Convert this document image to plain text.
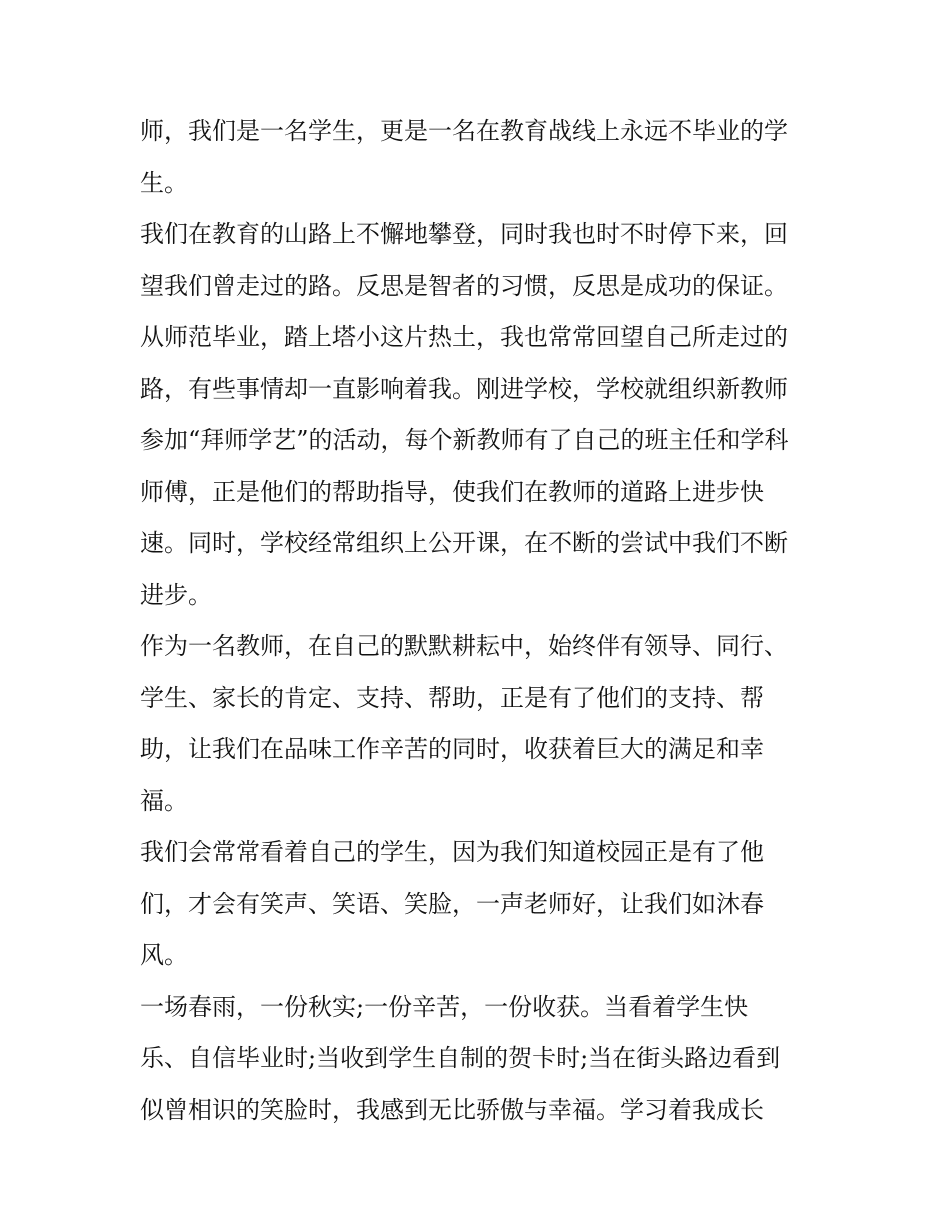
师，我们是一名学生，更是一名在教育战线上永远不毕业的学
生。
我们在教育的山路上不懈地攀登，同时我也时不时停下来，回
望我们曾走过的路。反思是智者的习惯，反思是成功的保证。
从师范毕业，踏上塔小这片热土，我也常常回望自己所走过的
路，有些事情却一直影响着我。刚进学校，学校就组织新教师
参加“拜师学艺”的活动，每个新教师有了自己的班主任和学科
师傅，正是他们的帮助指导，使我们在教师的道路上进步快
速。同时，学校经常组织上公开课，在不断的尝试中我们不断
进步。
作为一名教师，在自己的默默耕耘中，始终伴有领导、同行、
学生、家长的肯定、支持、帮助，正是有了他们的支持、帮
助，让我们在品味工作辛苦的同时，收获着巨大的满足和幸
福。
我们会常常看着自己的学生，因为我们知道校园正是有了他
们，才会有笑声、笑语、笑脸，一声老师好，让我们如沐春
风。
一场春雨，一份秋实;一份辛苦，一份收获。当看着学生快
乐、自信毕业时;当收到学生自制的贺卡时;当在街头路边看到
似曾相识的笑脸时，我感到无比骄傲与幸福。学习着我成长
